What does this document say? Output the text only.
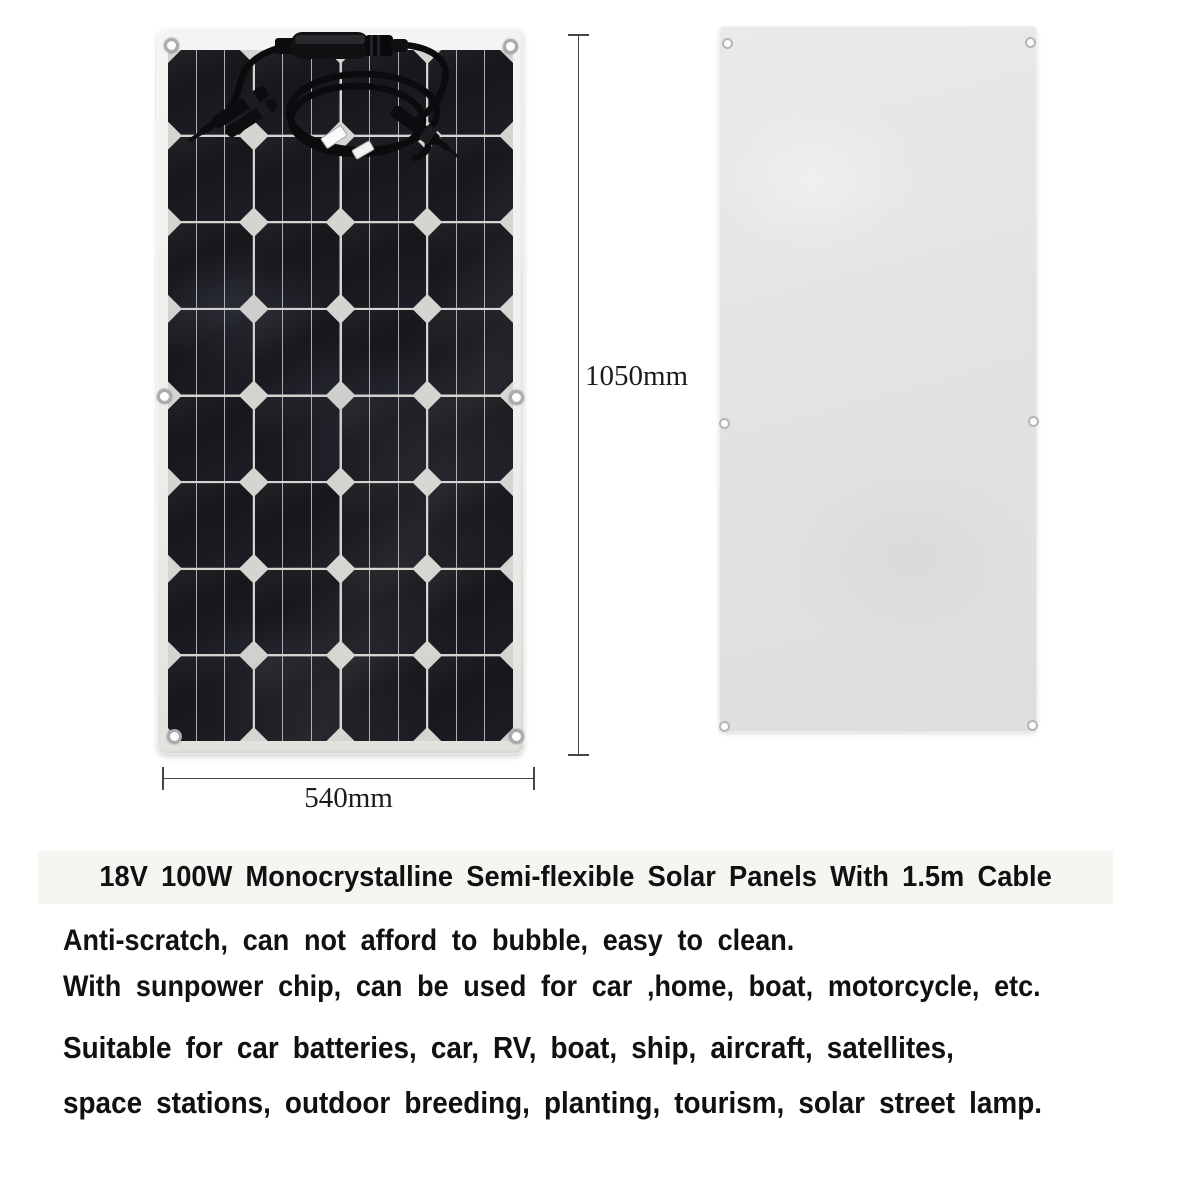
1050mm
540mm
18V 100W Monocrystalline Semi-flexible Solar Panels With 1.5m Cable

Anti-scratch, can not afford to bubble, easy to clean.

With sunpower chip, can be used for car ,home, boat, motorcycle, etc.

Suitable for car batteries, car, RV, boat, ship, aircraft, satellites,

space stations, outdoor breeding, planting, tourism, solar street lamp.
